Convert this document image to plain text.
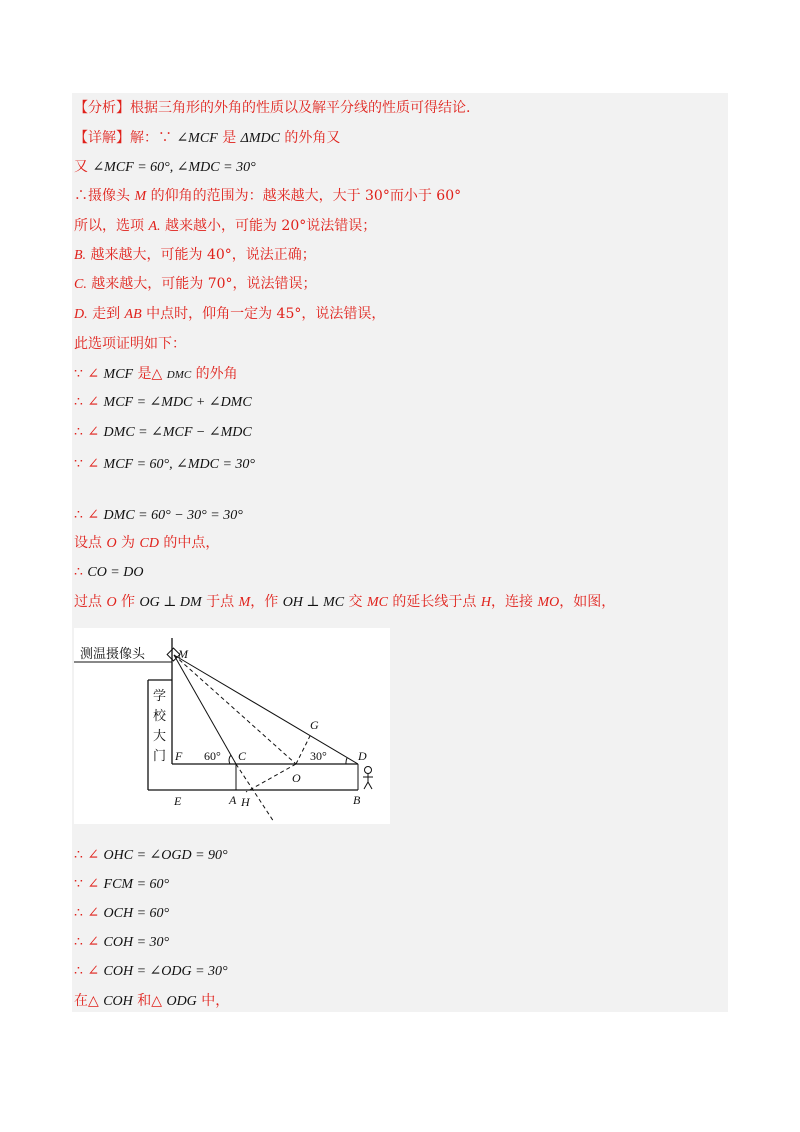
【分析】根据三角形的外角的性质以及解平分线的性质可得结论.
【详解】解：∵ ∠MCF 是 ΔMDC 的外角又
又 ∠MCF = 60°, ∠MDC = 30°
∴摄像头 M 的仰角的范围为：越来越大，大于 30°而小于 60°
所以，选项 A. 越来越小，可能为 20°说法错误；
B. 越来越大，可能为 40°，说法正确；
C. 越来越大，可能为 70°，说法错误；
D. 走到 AB 中点时，仰角一定为 45°，说法错误，
此选项证明如下：
∵ ∠ MCF 是△ DMC 的外角
∴ ∠ MCF = ∠MDC + ∠DMC
∴ ∠ DMC = ∠MCF − ∠MDC
∵ ∠ MCF = 60°, ∠MDC = 30°
∴ ∠ DMC = 60° − 30° = 30°
设点 O 为 CD 的中点，
∴ CO = DO
过点 O 作 OG ⊥ DM 于点 M，作 OH ⊥ MC 交 MC 的延长线于点 H，连接 MO，如图，
测温摄像头
学
校
大
门
M
G
F 60° C	30°	D
O
E	A H	B
∴ ∠ OHC = ∠OGD = 90°
∵ ∠ FCM = 60°
∴ ∠ OCH = 60°
∴ ∠ COH = 30°
∴ ∠ COH = ∠ODG = 30°
在△ COH 和△ ODG 中，
